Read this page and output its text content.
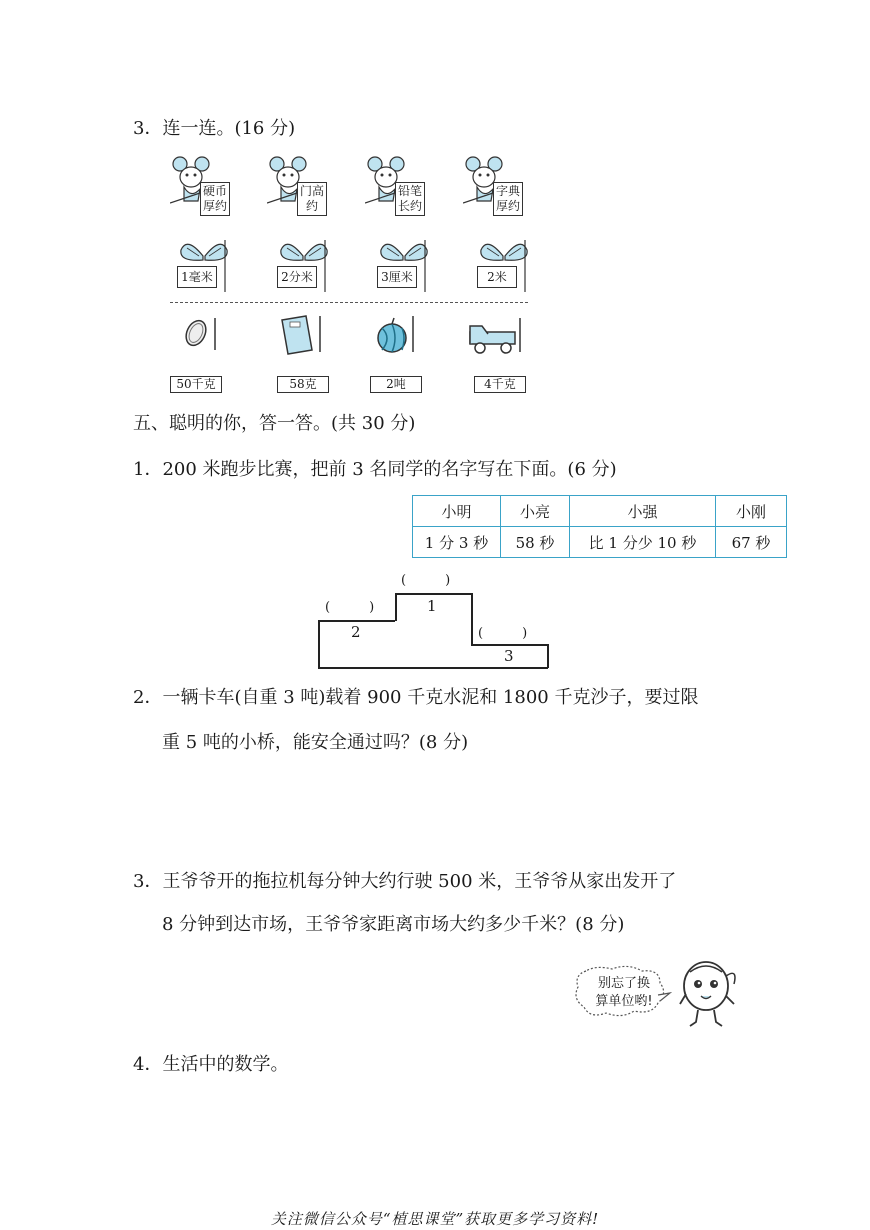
3．连一连。(16 分)
硬币
厚约
门高
约
铅笔
长约
字典
厚约
1毫米	2分米	3厘米	2米
50千克	58克	2吨	4千克
五、聪明的你，答一答。(共 30 分)
1．200 米跑步比赛，把前 3 名同学的名字写在下面。(6 分)
小明	小亮	小强	小刚
1 分 3 秒	58 秒	比 1 分少 10 秒	67 秒
(　　　)
(　　　)
(　　　)
1
2
3
2．一辆卡车(自重 3 吨)载着 900 千克水泥和 1800 千克沙子，要过限
重 5 吨的小桥，能安全通过吗？(8 分)
3．王爷爷开的拖拉机每分钟大约行驶 500 米，王爷爷从家出发开了
8 分钟到达市场，王爷爷家距离市场大约多少千米？(8 分)
别忘了换
算单位哟!
4．生活中的数学。
关注微信公众号“植思课堂”获取更多学习资料!
